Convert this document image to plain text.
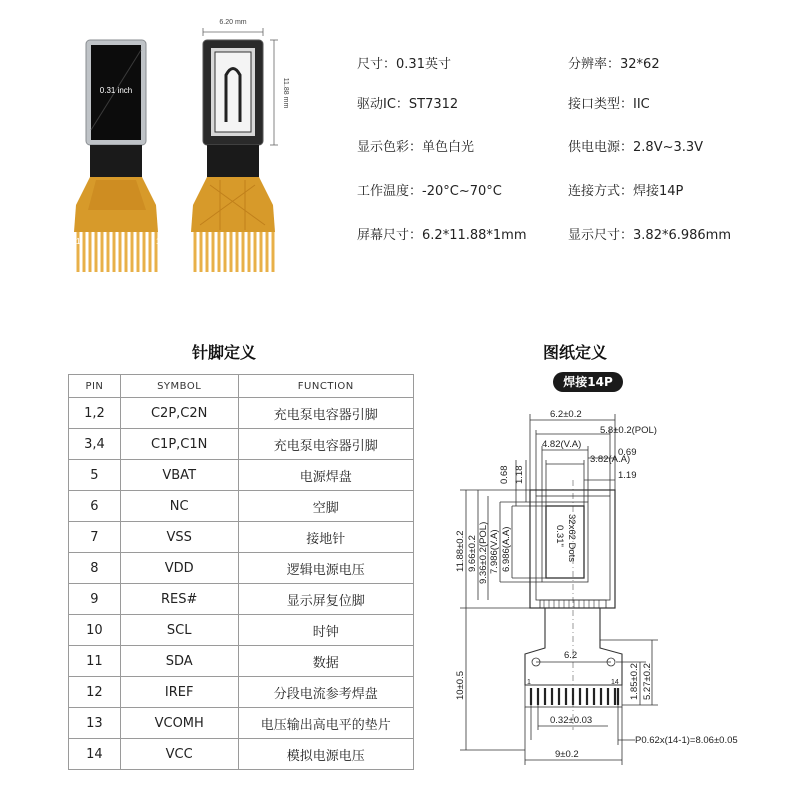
0.31 inch
1	1
6.20 mm
11.88 mm
尺寸：0.31英寸	分辨率：32*62
驱动IC：ST7312	接口类型：IIC
显示色彩：单色白光	供电电源：2.8V~3.3V
工作温度：-20°C~70°C	连接方式：焊接14P
屏幕尺寸：6.2*11.88*1mm	显示尺寸：3.82*6.986mm
针脚定义
PIN	SYMBOL	FUNCTION
1,2	C2P,C2N	充电泵电容器引脚
3,4	C1P,C1N	充电泵电容器引脚
5	VBAT	电源焊盘
6	NC	空脚
7	VSS	接地针
8	VDD	逻辑电源电压
9	RES#	显示屏复位脚
10	SCL	时钟
11	SDA	数据
12	IREF	分段电流参考焊盘
13	VCOMH	电压输出高电平的垫片
14	VCC	模拟电源电压
图纸定义
焊接14P
6.2±0.2
5.8±0.2(POL)
4.82(V.A)
0.69
3.82(A.A)
1.19
0.68 1.18
11.88±0.2 9.66±0.2 9.36±0.2(POL) 7.986(V.A) 6.986(A.A)
10±0.5
0.31" 32x62 Dots
6.2
1.85±0.2 5.27±0.2
1	14
0.32±0.03
P0.62x(14-1)=8.06±0.05
9±0.2
